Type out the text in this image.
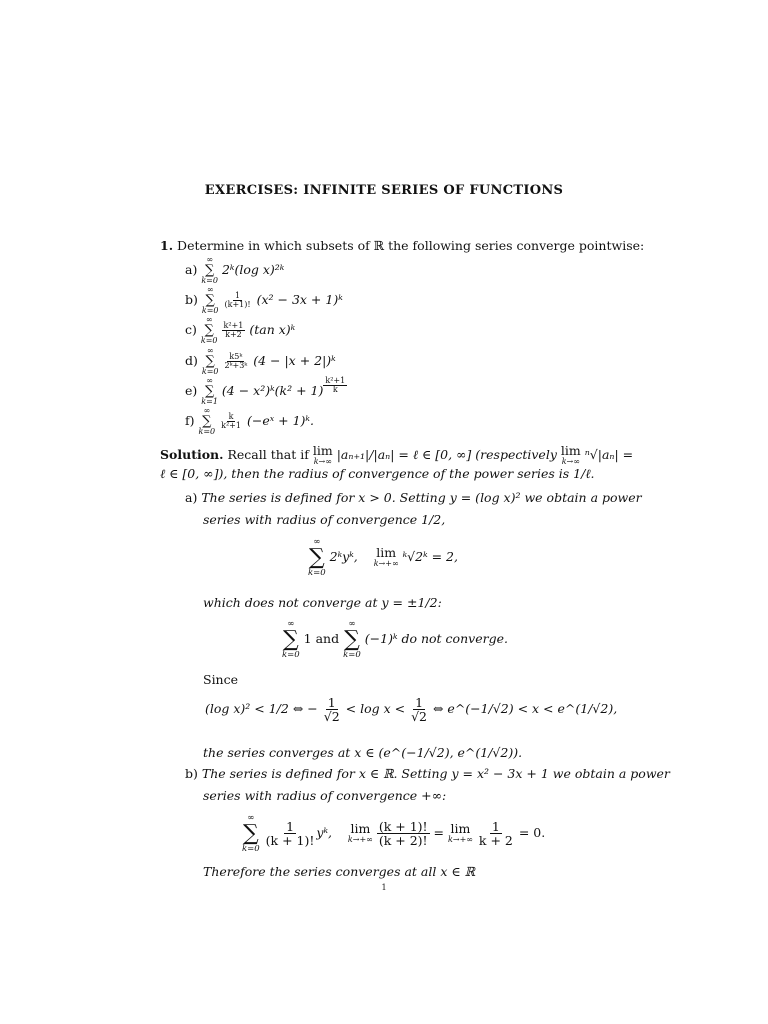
EXERCISES: INFINITE SERIES OF FUNCTIONS
1. Determine in which subsets of ℝ the following series converge pointwise:
a)
∞
∑
k=0
2ᵏ(log x)²ᵏ
b)
∞
∑
k=0

$\frac{1}{(k+1)!} (x^2 - 3x$ + 1)ᵏ
c)
∞
∑
k=0

$\frac{\text{k²+1}}{k+2} (\tan$ x)ᵏ
d)
∞
∑
k=0

$\frac{\text{k5ᵏ}}{\text{2ᵏ+3ᵏ}} (4 - |x$ + 2|)ᵏ
e)
∞
∑
k=1
(4 − x²)ᵏ(k² + $1) \frac{\text{k²+1}}{k}$
f)
∞
∑
k=0

$\frac{k}{\text{k²+1}}$ (−eˣ + 1)ᵏ.
Solution. Recall that if lim
k→∞ |aₙ₊₁|/|aₙ| = ℓ ∈ [0, ∞] (respectively lim
k→∞ ⁿ√|aₙ| =
ℓ ∈ [0, ∞]), then the radius of convergence of the power series is 1/ℓ.
a) The series is defined for x > 0. Setting y = (log x)² we obtain a power
series with radius of convergence 1/2,
∞
∑
k=0
2ᵏyᵏ, lim
k→+∞ ᵏ√2ᵏ = 2,
which does not converge at y = ±1/2:
∞
∑
k=0
1 and
∞
∑
k=0
(−1)ᵏ do not converge.
Since
(log x)² < 1/2 ⇔ − $\frac{1}{√2} < \log x < \frac{1}{√2}$ ⇔ e^(−1/√2) < x < e^(1/√2),
the series converges at x ∈ (e^(−1/√2), e^(1/√2)).
b) The series is defined for x ∈ ℝ. Setting y = x² − 3x + 1 we obtain a power
series with radius of convergence +∞:
∞
∑
k=0

$\frac{1}{(k + 1)!}$ yᵏ, lim
k→+∞
$\frac{(k + 1)!}{(k + 2)!} = \lim$
k→+∞
$\frac{1}{k + 2} = 0$.
Therefore the series converges at all x ∈ ℝ
1
